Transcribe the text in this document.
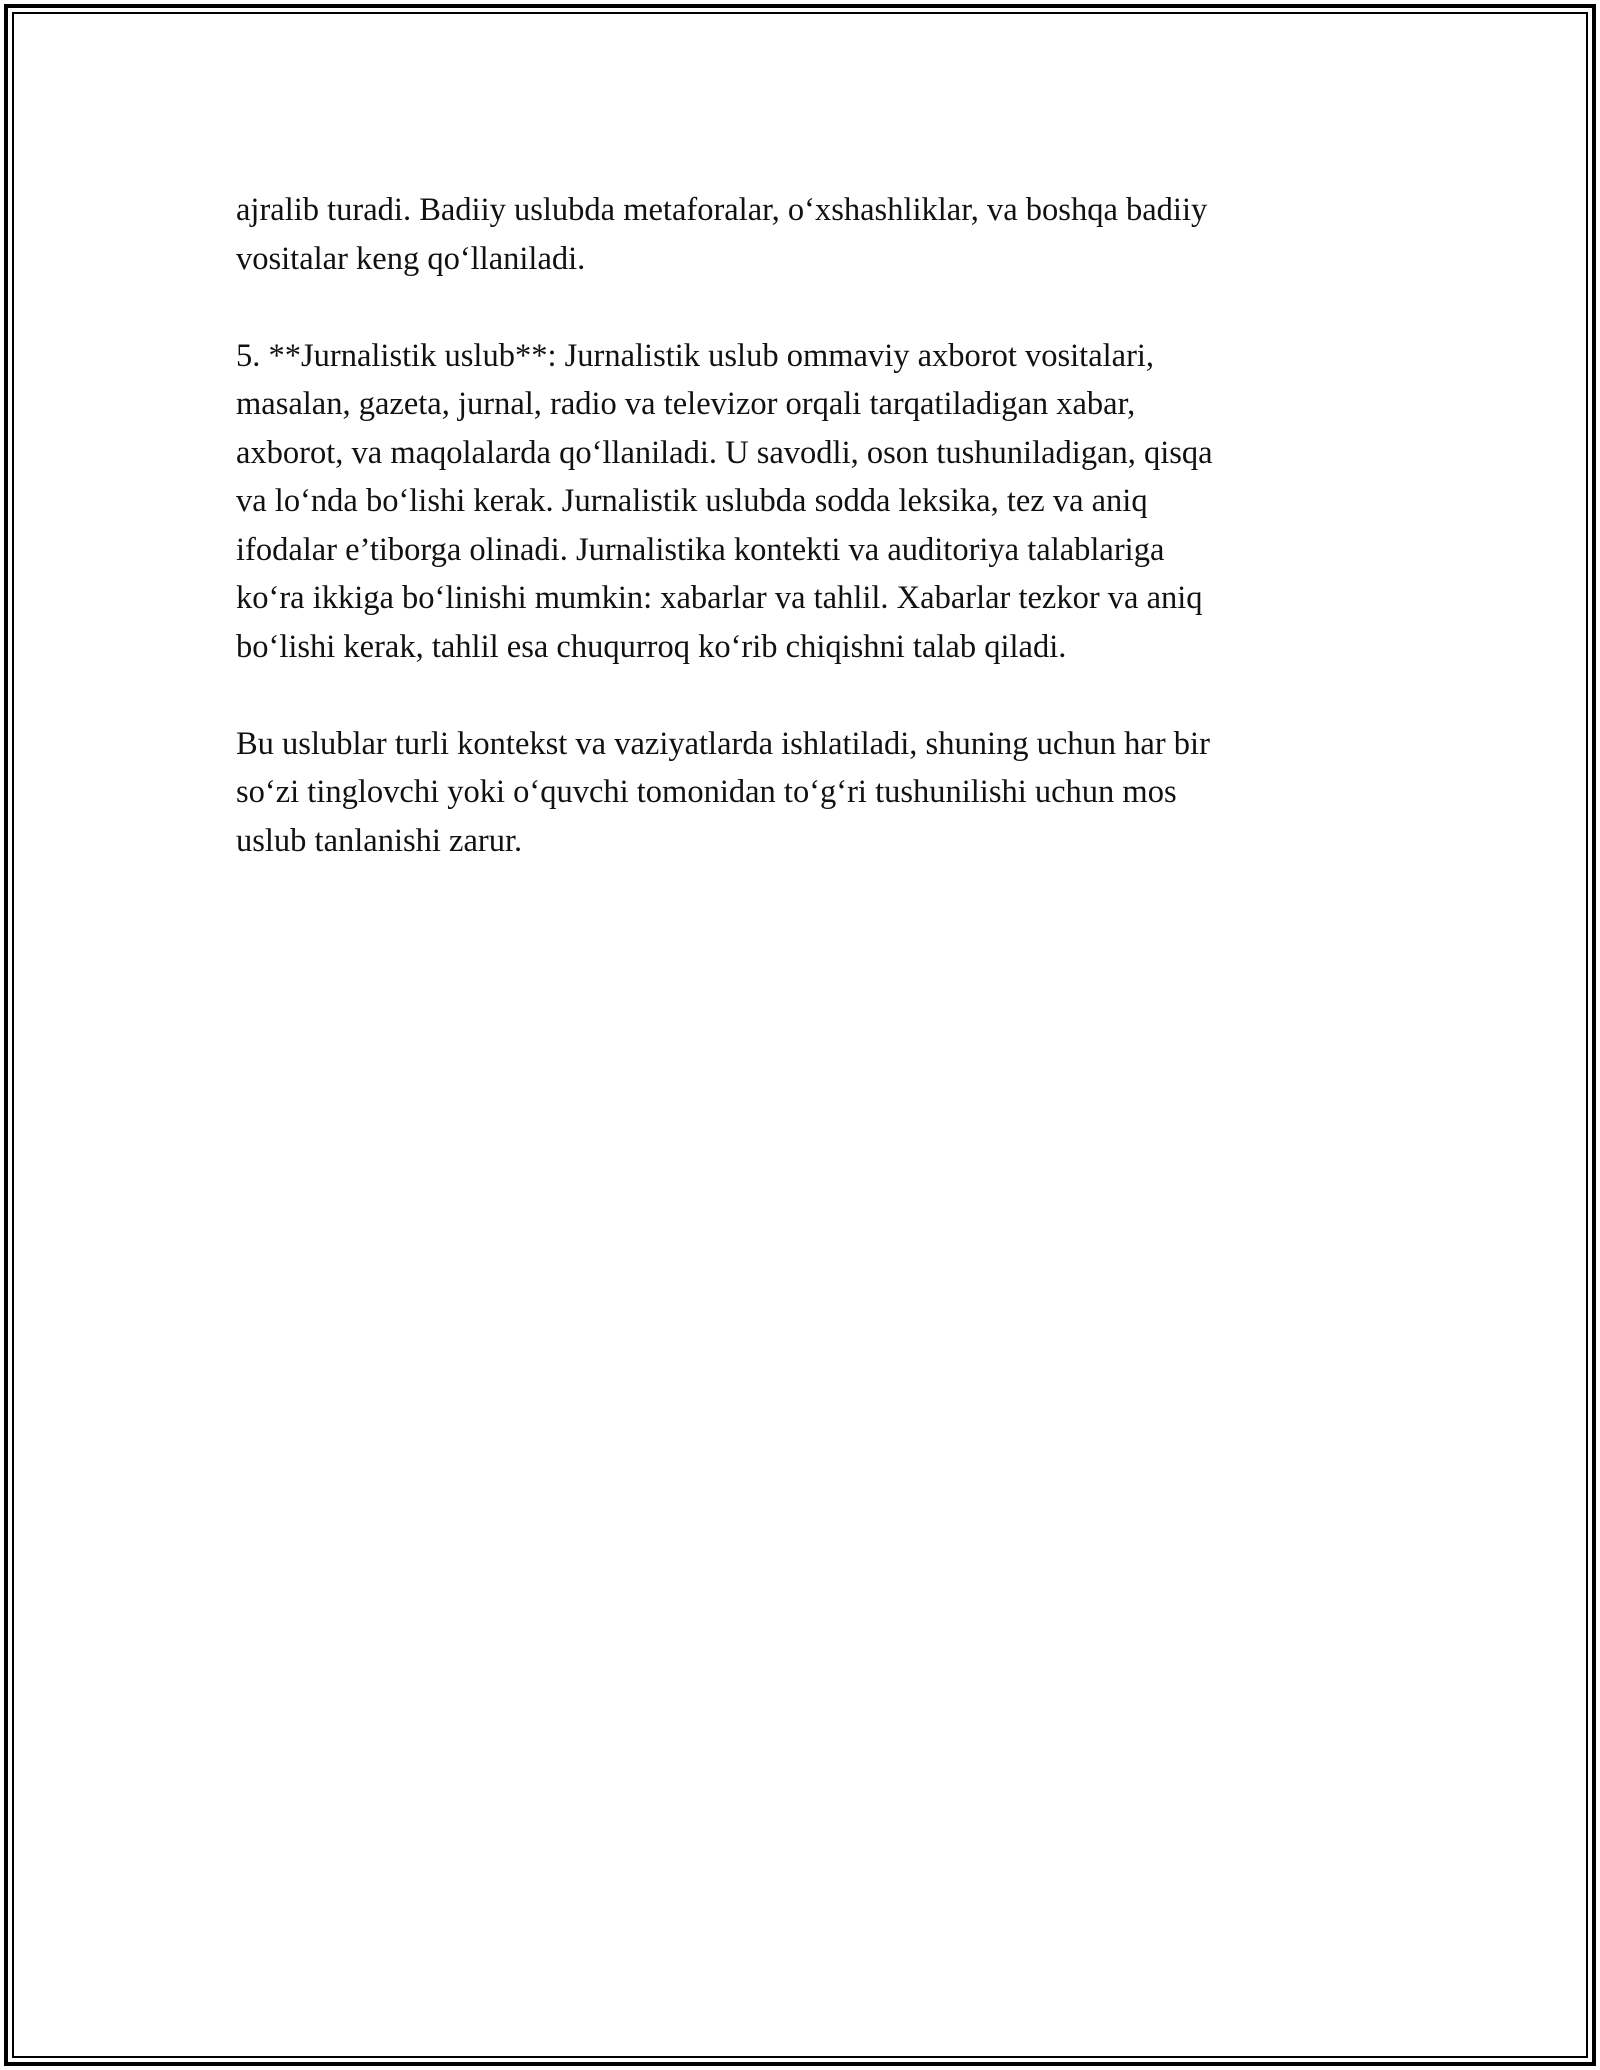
ajralib turadi. Badiiy uslubda metaforalar, o‘xshashliklar, va boshqa badiiy
vositalar keng qo‘llaniladi.

5. **Jurnalistik uslub**: Jurnalistik uslub ommaviy axborot vositalari,
masalan, gazeta, jurnal, radio va televizor orqali tarqatiladigan xabar,
axborot, va maqolalarda qo‘llaniladi. U savodli, oson tushuniladigan, qisqa
va lo‘nda bo‘lishi kerak. Jurnalistik uslubda sodda leksika, tez va aniq
ifodalar e’tiborga olinadi. Jurnalistika kontekti va auditoriya talablariga
ko‘ra ikkiga bo‘linishi mumkin: xabarlar va tahlil. Xabarlar tezkor va aniq
bo‘lishi kerak, tahlil esa chuqurroq ko‘rib chiqishni talab qiladi.

Bu uslublar turli kontekst va vaziyatlarda ishlatiladi, shuning uchun har bir
so‘zi tinglovchi yoki o‘quvchi tomonidan to‘g‘ri tushunilishi uchun mos
uslub tanlanishi zarur.
